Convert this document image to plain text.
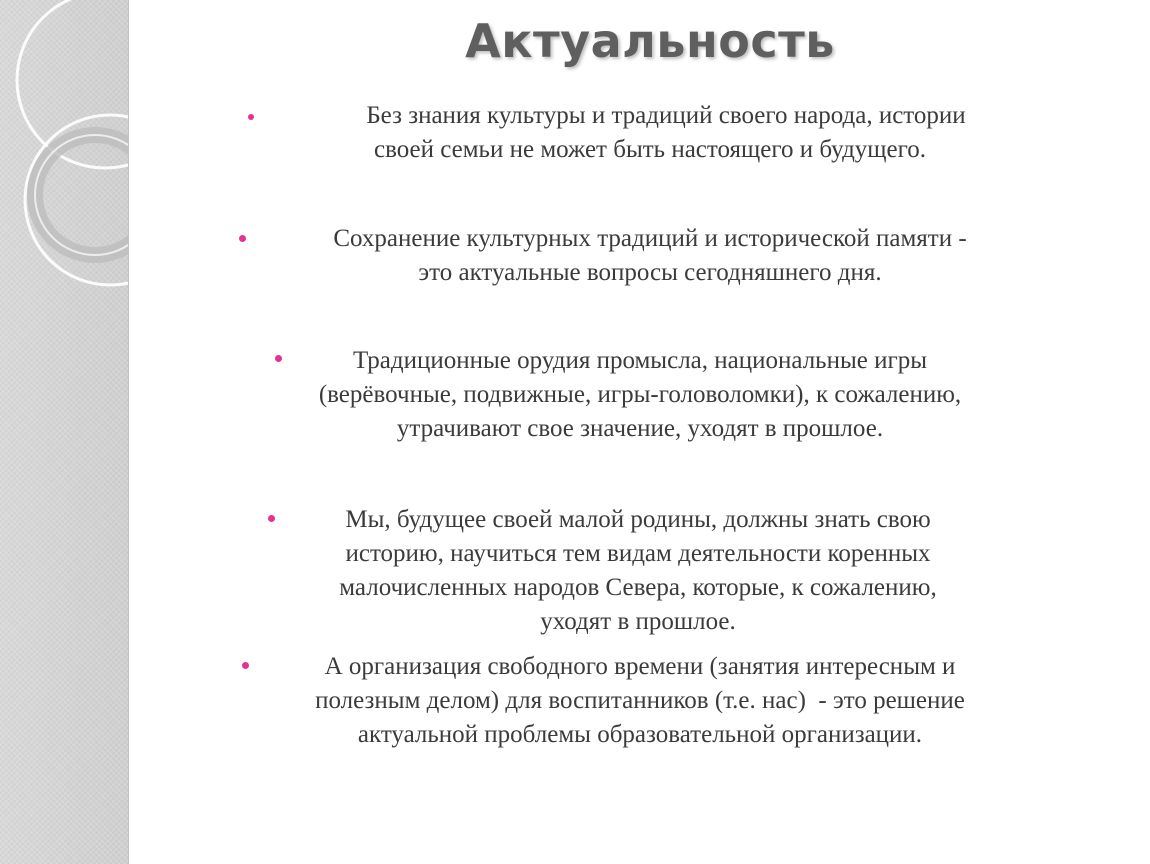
Актуальность
Без знания культуры и традиций своего народа, истории
своей семьи не может быть настоящего и будущего.
Сохранение культурных традиций и исторической памяти -
это актуальные вопросы сегодняшнего дня.
Традиционные орудия промысла, национальные игры
(верёвочные, подвижные, игры-головоломки), к сожалению,
утрачивают свое значение, уходят в прошлое.
Мы, будущее своей малой родины, должны знать свою
историю, научиться тем видам деятельности коренных
малочисленных народов Севера, которые, к сожалению,
уходят в прошлое.
А организация свободного времени (занятия интересным и
полезным делом) для воспитанников (т.е. нас)  - это решение
актуальной проблемы образовательной организации.
